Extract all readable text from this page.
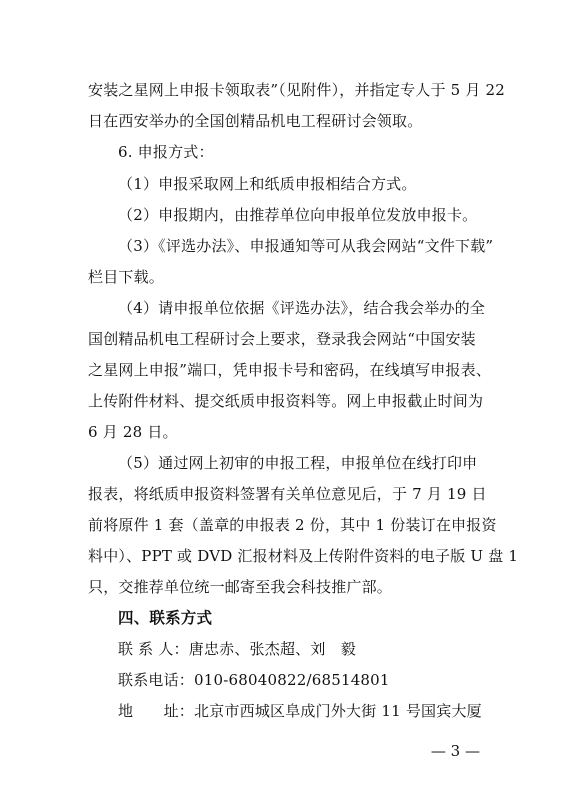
安装之星网上申报卡领取表”（见附件），并指定专人于 5 月 22
日在西安举办的全国创精品机电工程研讨会领取。
6. 申报方式：
（1）申报采取网上和纸质申报相结合方式。
（2）申报期内，由推荐单位向申报单位发放申报卡。
（3）《评选办法》、申报通知等可从我会网站“文件下载”
栏目下载。
（4）请申报单位依据《评选办法》，结合我会举办的全
国创精品机电工程研讨会上要求，登录我会网站“中国安装
之星网上申报”端口，凭申报卡号和密码，在线填写申报表、
上传附件材料、提交纸质申报资料等。网上申报截止时间为
6 月 28 日。
（5）通过网上初审的申报工程，申报单位在线打印申
报表，将纸质申报资料签署有关单位意见后，于 7 月 19 日
前将原件 1 套（盖章的申报表 2 份，其中 1 份装订在申报资
料中）、PPT 或 DVD 汇报材料及上传附件资料的电子版 U 盘 1
只，交推荐单位统一邮寄至我会科技推广部。
四、联系方式
联 系 人：唐忠赤、张杰超、刘　毅
联系电话：010-68040822/68514801
地　　址：北京市西城区阜成门外大街 11 号国宾大厦
— 3 —
